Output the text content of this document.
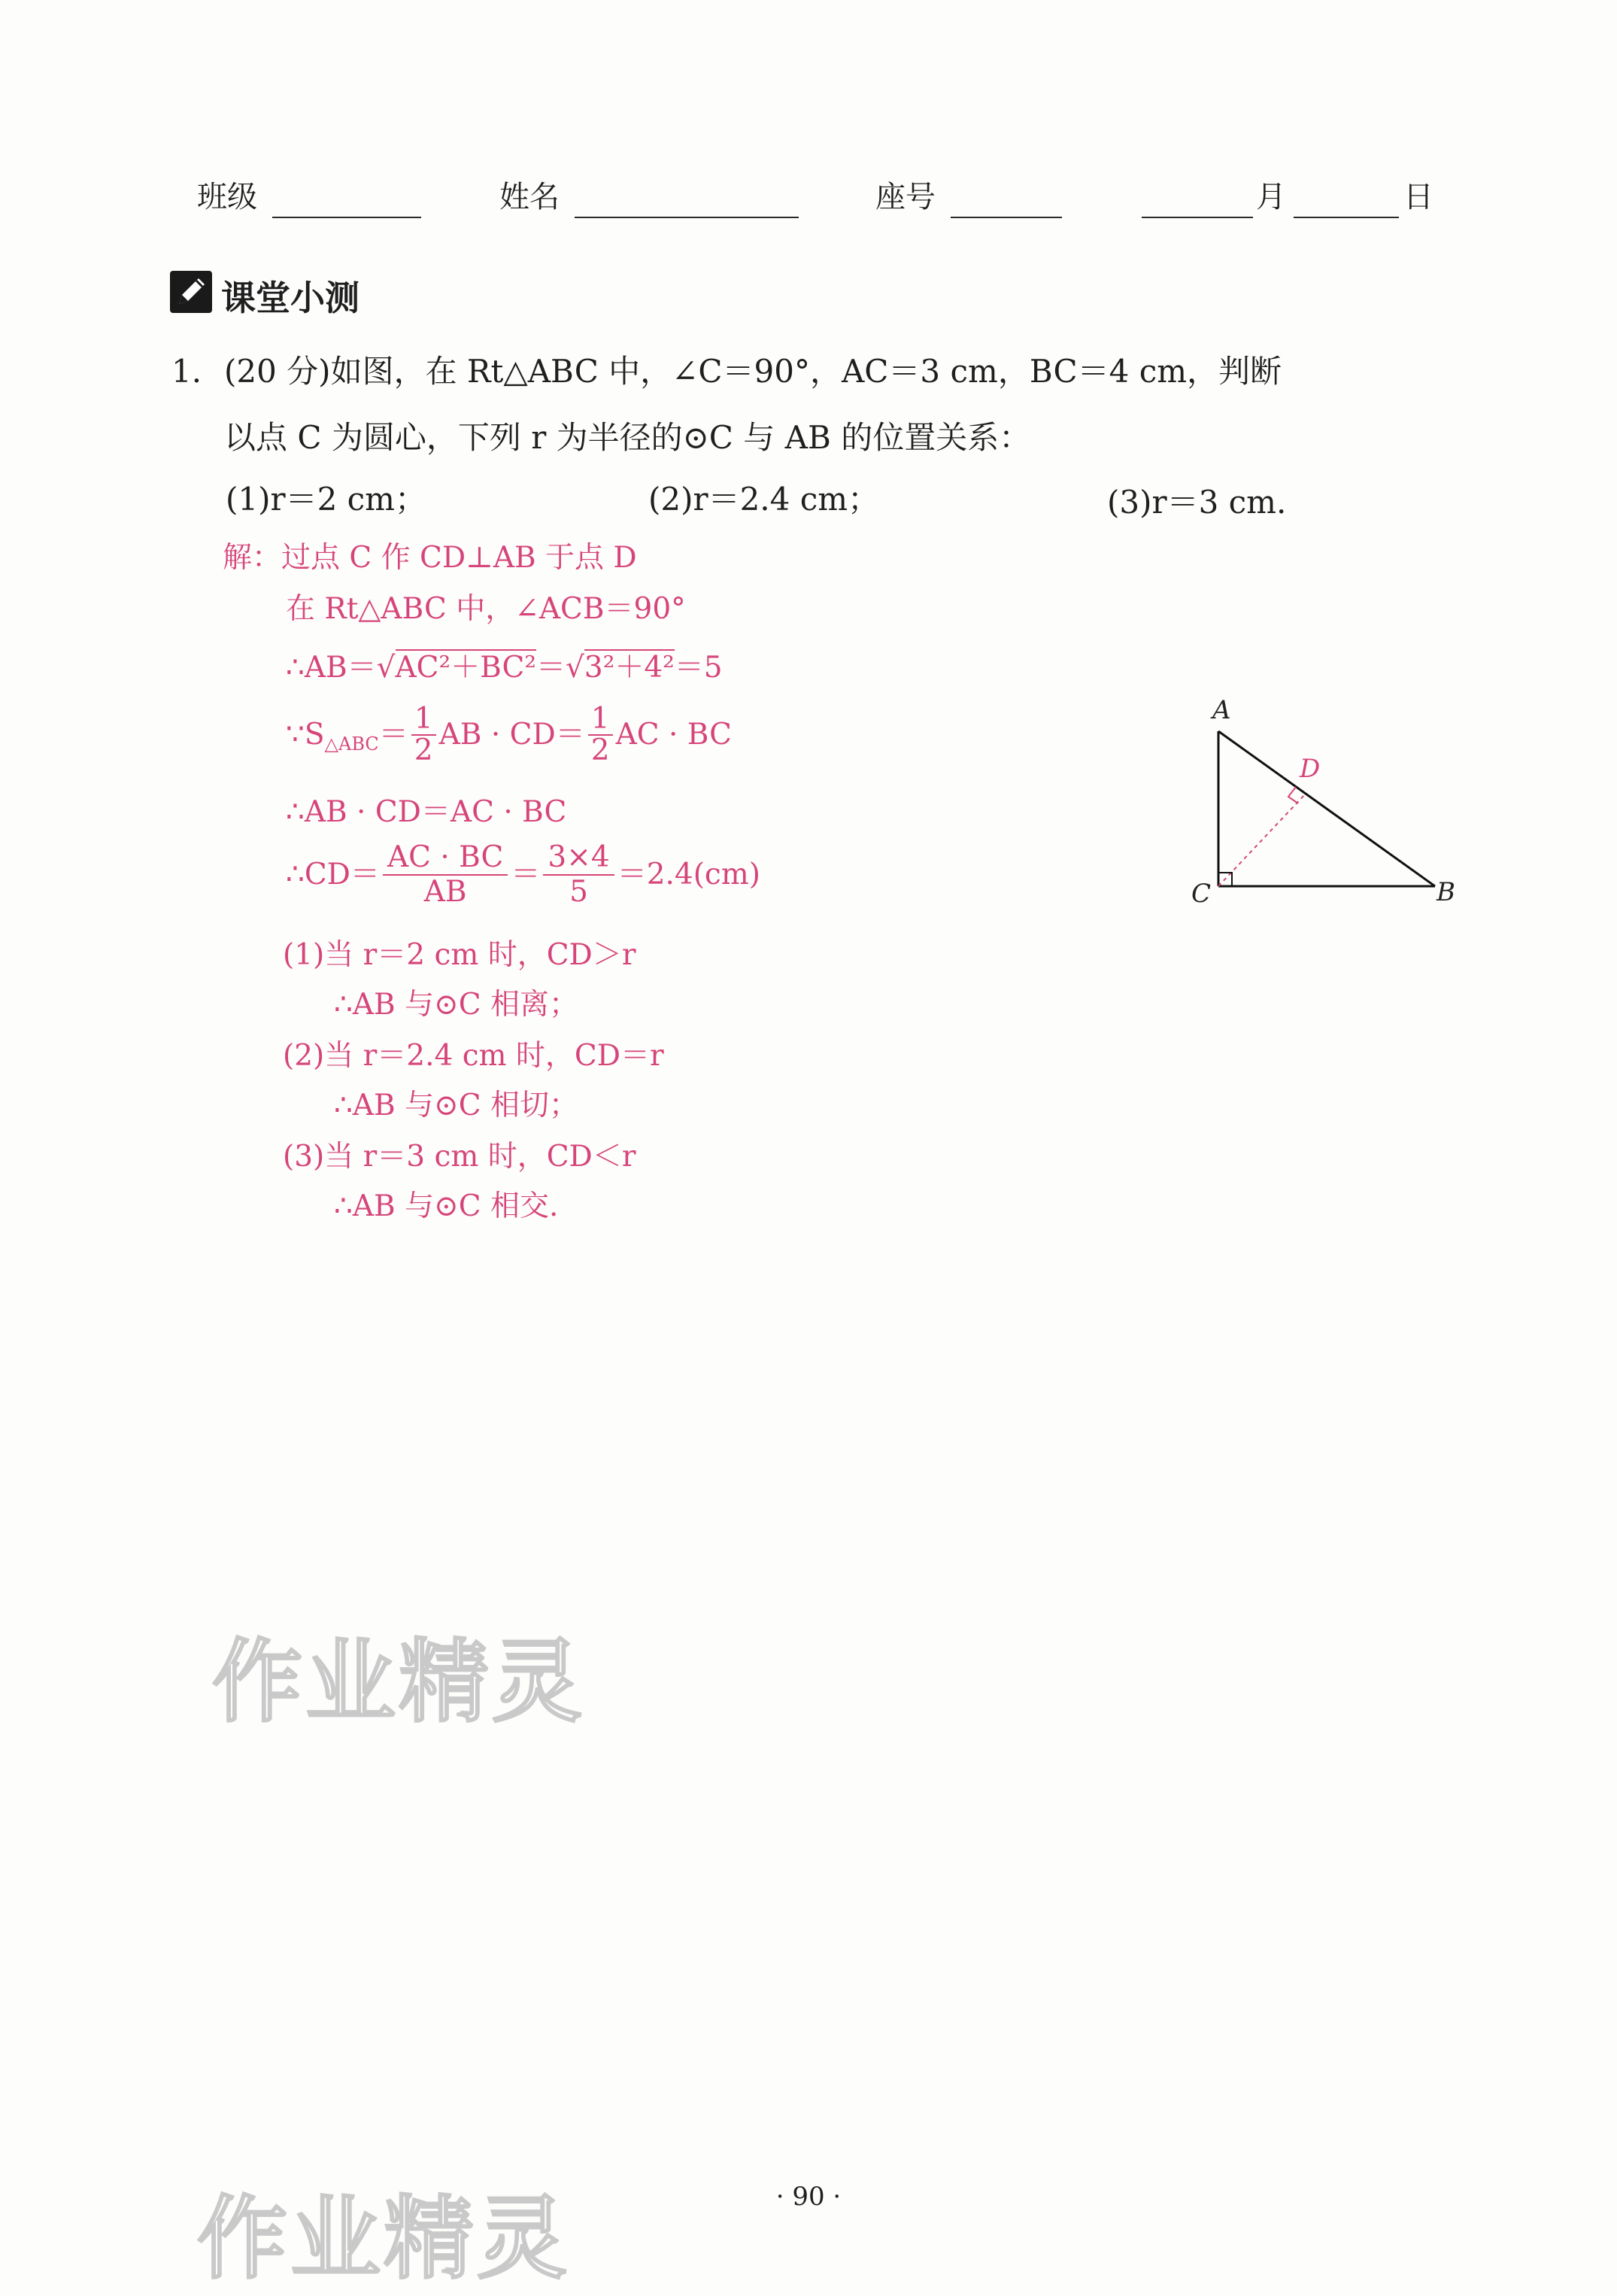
班级	姓名	座号	月	日
课堂小测
1. (20 分)如图，在 Rt△ABC 中，∠C＝90°，AC＝3 cm，BC＝4 cm，判断
以点 C 为圆心，下列 r 为半径的⊙C 与 AB 的位置关系：
(1)r＝2 cm；	(2)r＝2.4 cm；	(3)r＝3 cm.
解：过点 C 作 CD⊥AB 于点 D
在 Rt△ABC 中，∠ACB＝90°
∴AB＝√AC²＋BC²＝√3²＋4²＝5
∵S △ABC ＝ $\frac{1}{2}$ AB · $CD= \frac{1}{2}$ AC · BC
∴AB · CD＝AC · BC
∴CD＝ $\frac{AC \cdot BC}{AB} = \frac{3\times 4}{5} =2.4(cm)$
(1)当 r＝2 cm 时，CD＞r
∴AB 与⊙C 相离；
(2)当 r＝2.4 cm 时，CD＝r
∴AB 与⊙C 相切；
(3)当 r＝3 cm 时，CD＜r
∴AB 与⊙C 相交.
A
B
C
D
作业精灵
作业精灵	· 90 ·
